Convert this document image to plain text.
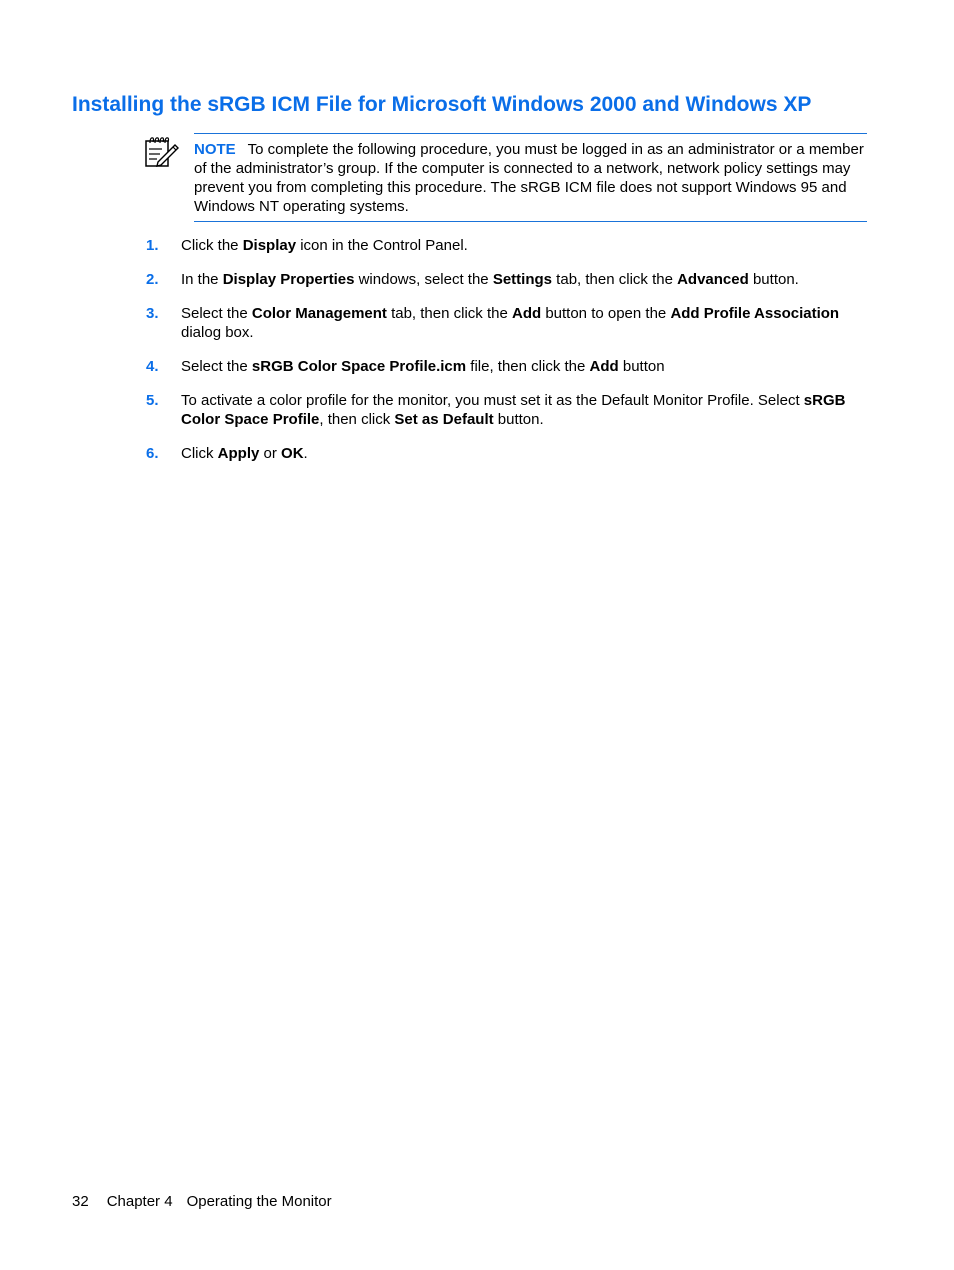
Installing the sRGB ICM File for Microsoft Windows 2000 and Windows XP

NOTE To complete the following procedure, you must be logged in as an administrator or a member of the administrator’s group. If the computer is connected to a network, network policy settings may prevent you from completing this procedure. The sRGB ICM file does not support Windows 95 and Windows NT operating systems.

1. Click the Display icon in the Control Panel.
2. In the Display Properties windows, select the Settings tab, then click the Advanced button.
3. Select the Color Management tab, then click the Add button to open the Add Profile Association dialog box.
4. Select the sRGB Color Space Profile.icm file, then click the Add button
5. To activate a color profile for the monitor, you must set it as the Default Monitor Profile. Select sRGB Color Space Profile, then click Set as Default button.
6. Click Apply or OK.
32 Chapter 4 Operating the Monitor
